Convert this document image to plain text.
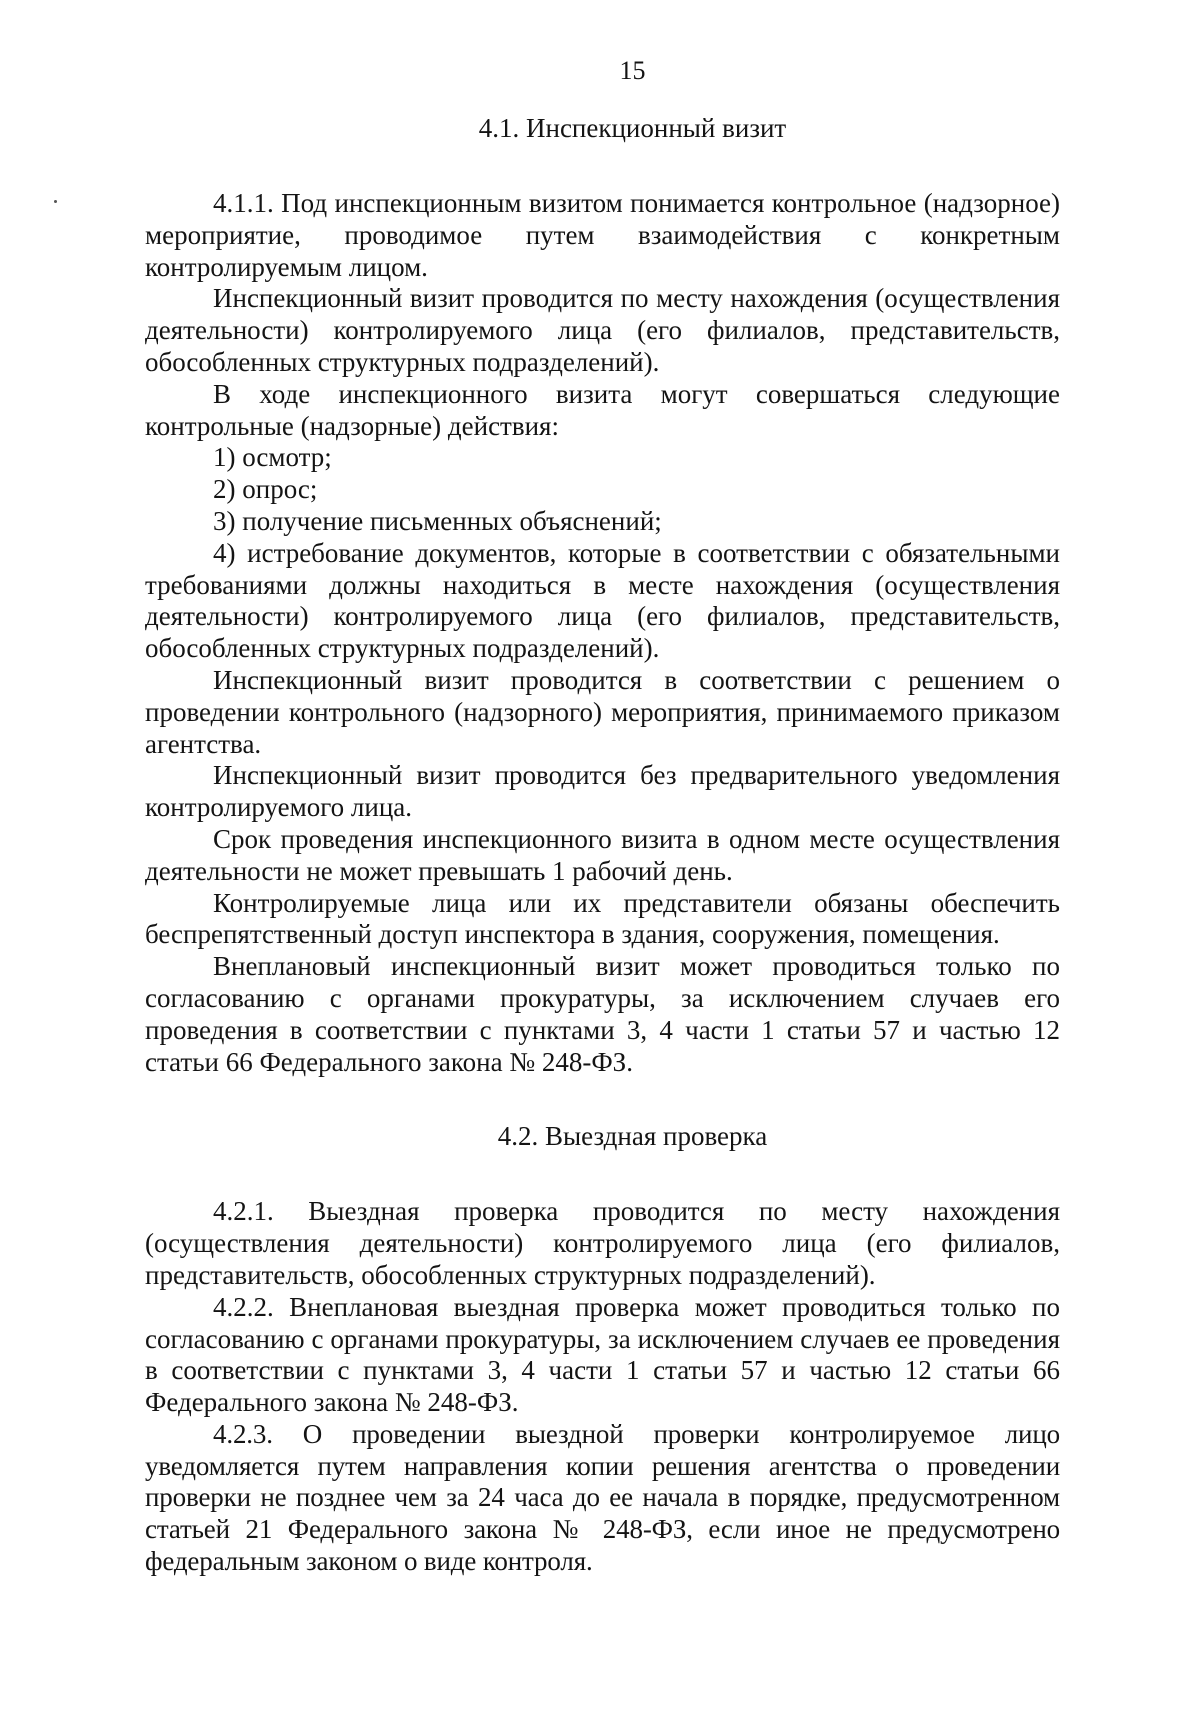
15
4.1. Инспекционный визит

4.1.1. Под инспекционным визитом понимается контрольное (надзорное) мероприятие, проводимое путем взаимодействия с конкретным контролируемым лицом.

Инспекционный визит проводится по месту нахождения (осуществления деятельности) контролируемого лица (его филиалов, представительств, обособленных структурных подразделений).

В ходе инспекционного визита могут совершаться следующие контрольные (надзорные) действия:

1) осмотр;

2) опрос;

3) получение письменных объяснений;

4) истребование документов, которые в соответствии с обязательными требованиями должны находиться в месте нахождения (осуществления деятельности) контролируемого лица (его филиалов, представительств, обособленных структурных подразделений).

Инспекционный визит проводится в соответствии с решением о проведении контрольного (надзорного) мероприятия, принимаемого приказом агентства.

Инспекционный визит проводится без предварительного уведомления контролируемого лица.

Срок проведения инспекционного визита в одном месте осуществления деятельности не может превышать 1 рабочий день.

Контролируемые лица или их представители обязаны обеспечить беспрепятственный доступ инспектора в здания, сооружения, помещения.

Внеплановый инспекционный визит может проводиться только по согласованию с органами прокуратуры, за исключением случаев его проведения в соответствии с пунктами 3, 4 части 1 статьи 57 и частью 12 статьи 66 Федерального закона № 248-ФЗ.

4.2. Выездная проверка

4.2.1. Выездная проверка проводится по месту нахождения (осуществления деятельности) контролируемого лица (его филиалов, представительств, обособленных структурных подразделений).

4.2.2. Внеплановая выездная проверка может проводиться только по согласованию с органами прокуратуры, за исключением случаев ее проведения в соответствии с пунктами 3, 4 части 1 статьи 57 и частью 12 статьи 66 Федерального закона № 248-ФЗ.

4.2.3. О проведении выездной проверки контролируемое лицо уведомляется путем направления копии решения агентства о проведении проверки не позднее чем за 24 часа до ее начала в порядке, предусмотренном статьей 21 Федерального закона № 248-ФЗ, если иное не предусмотрено федеральным законом о виде контроля.
